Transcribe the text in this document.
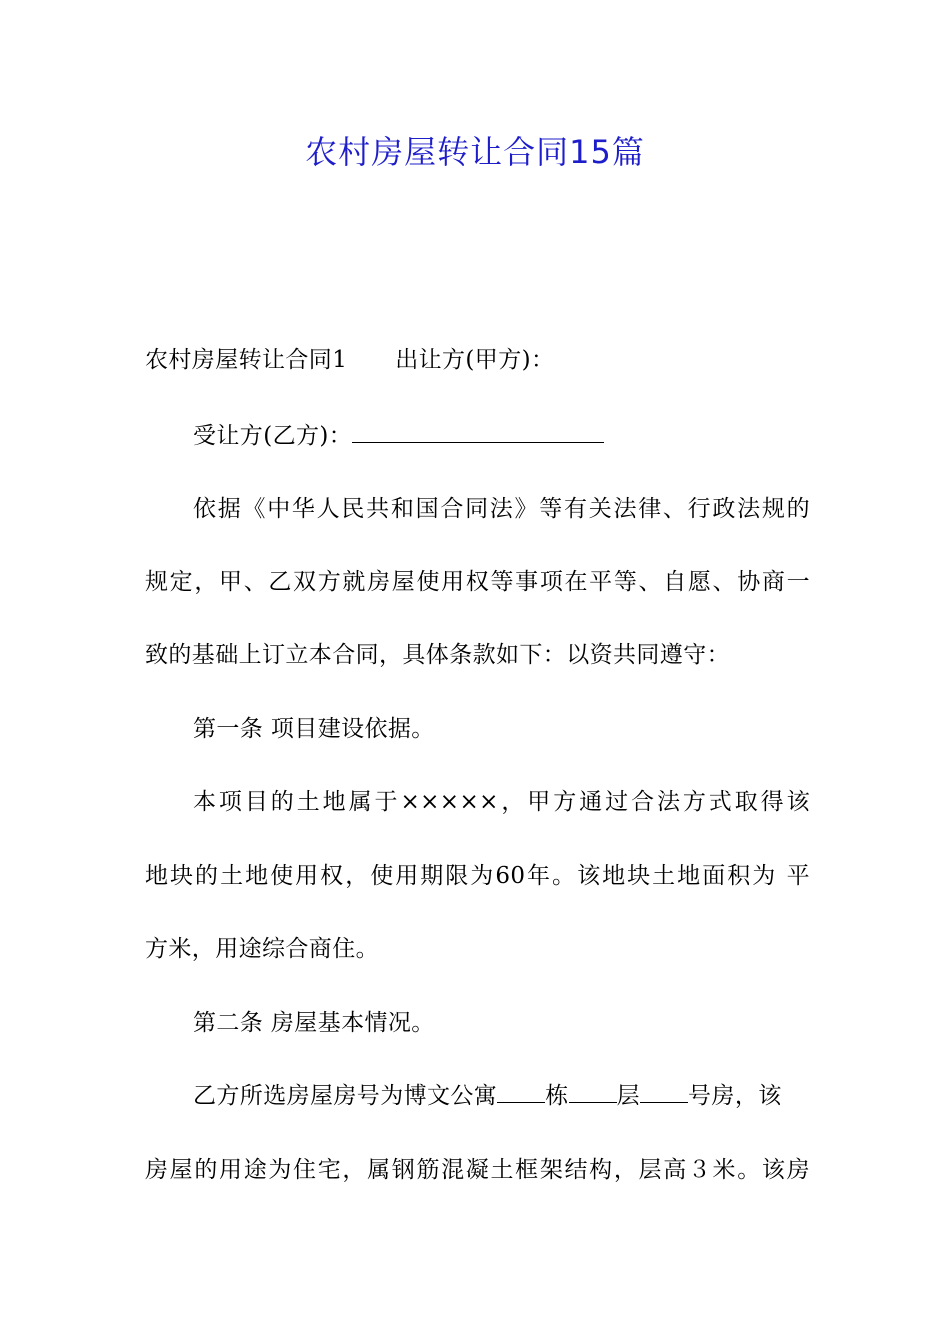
农村房屋转让合同15篇
农村房屋转让合同1 出让方(甲方)：
受让方(乙方)：
依据《中华人民共和国合同法》等有关法律、行政法规的
规定，甲、乙双方就房屋使用权等事项在平等、自愿、协商一
致的基础上订立本合同，具体条款如下：以资共同遵守：
第一条 项目建设依据。
本项目的土地属于×××××，甲方通过合法方式取得该
地块的土地使用权，使用期限为60年。该地块土地面积为 平
方米，用途综合商住。
第二条 房屋基本情况。
乙方所选房屋房号为博文公寓 栋 层 号房，该
房屋的用途为住宅，属钢筋混凝土框架结构，层高３米。该房
